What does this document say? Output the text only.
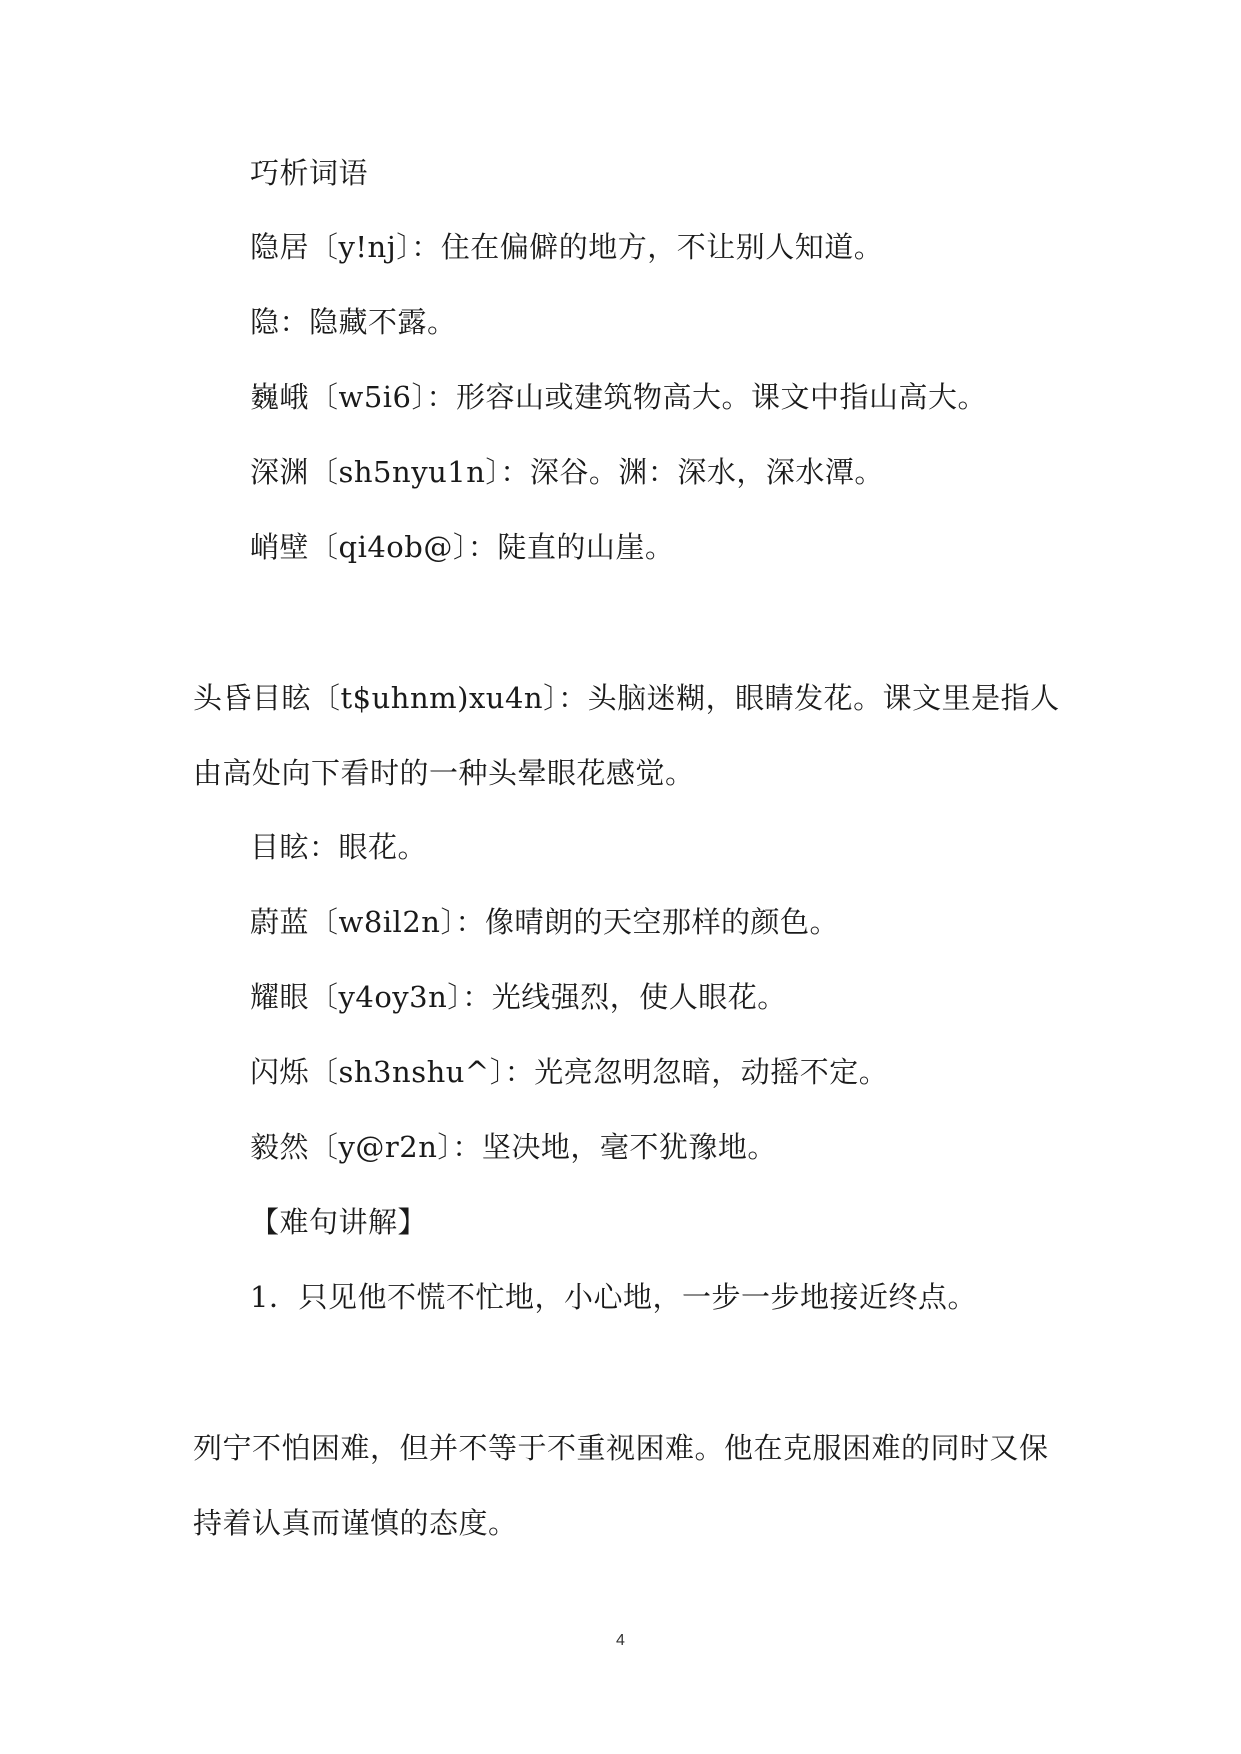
巧析词语
隐居〔y!nj〕：住在偏僻的地方，不让别人知道。
隐：隐藏不露。
巍峨〔w5i6〕：形容山或建筑物高大。课文中指山高大。
深渊〔sh5nyu1n〕：深谷。渊：深水，深水潭。
峭壁〔qi4ob@〕：陡直的山崖。
头昏目眩〔t$uhnm)xu4n〕：头脑迷糊，眼睛发花。课文里是指人
由高处向下看时的一种头晕眼花感觉。
目眩：眼花。
蔚蓝〔w8il2n〕：像晴朗的天空那样的颜色。
耀眼〔y4oy3n〕：光线强烈，使人眼花。
闪烁〔sh3nshu^〕：光亮忽明忽暗，动摇不定。
毅然〔y@r2n〕：坚决地，毫不犹豫地。
【难句讲解】
1．只见他不慌不忙地，小心地，一步一步地接近终点。
列宁不怕困难，但并不等于不重视困难。他在克服困难的同时又保
持着认真而谨慎的态度。
4
